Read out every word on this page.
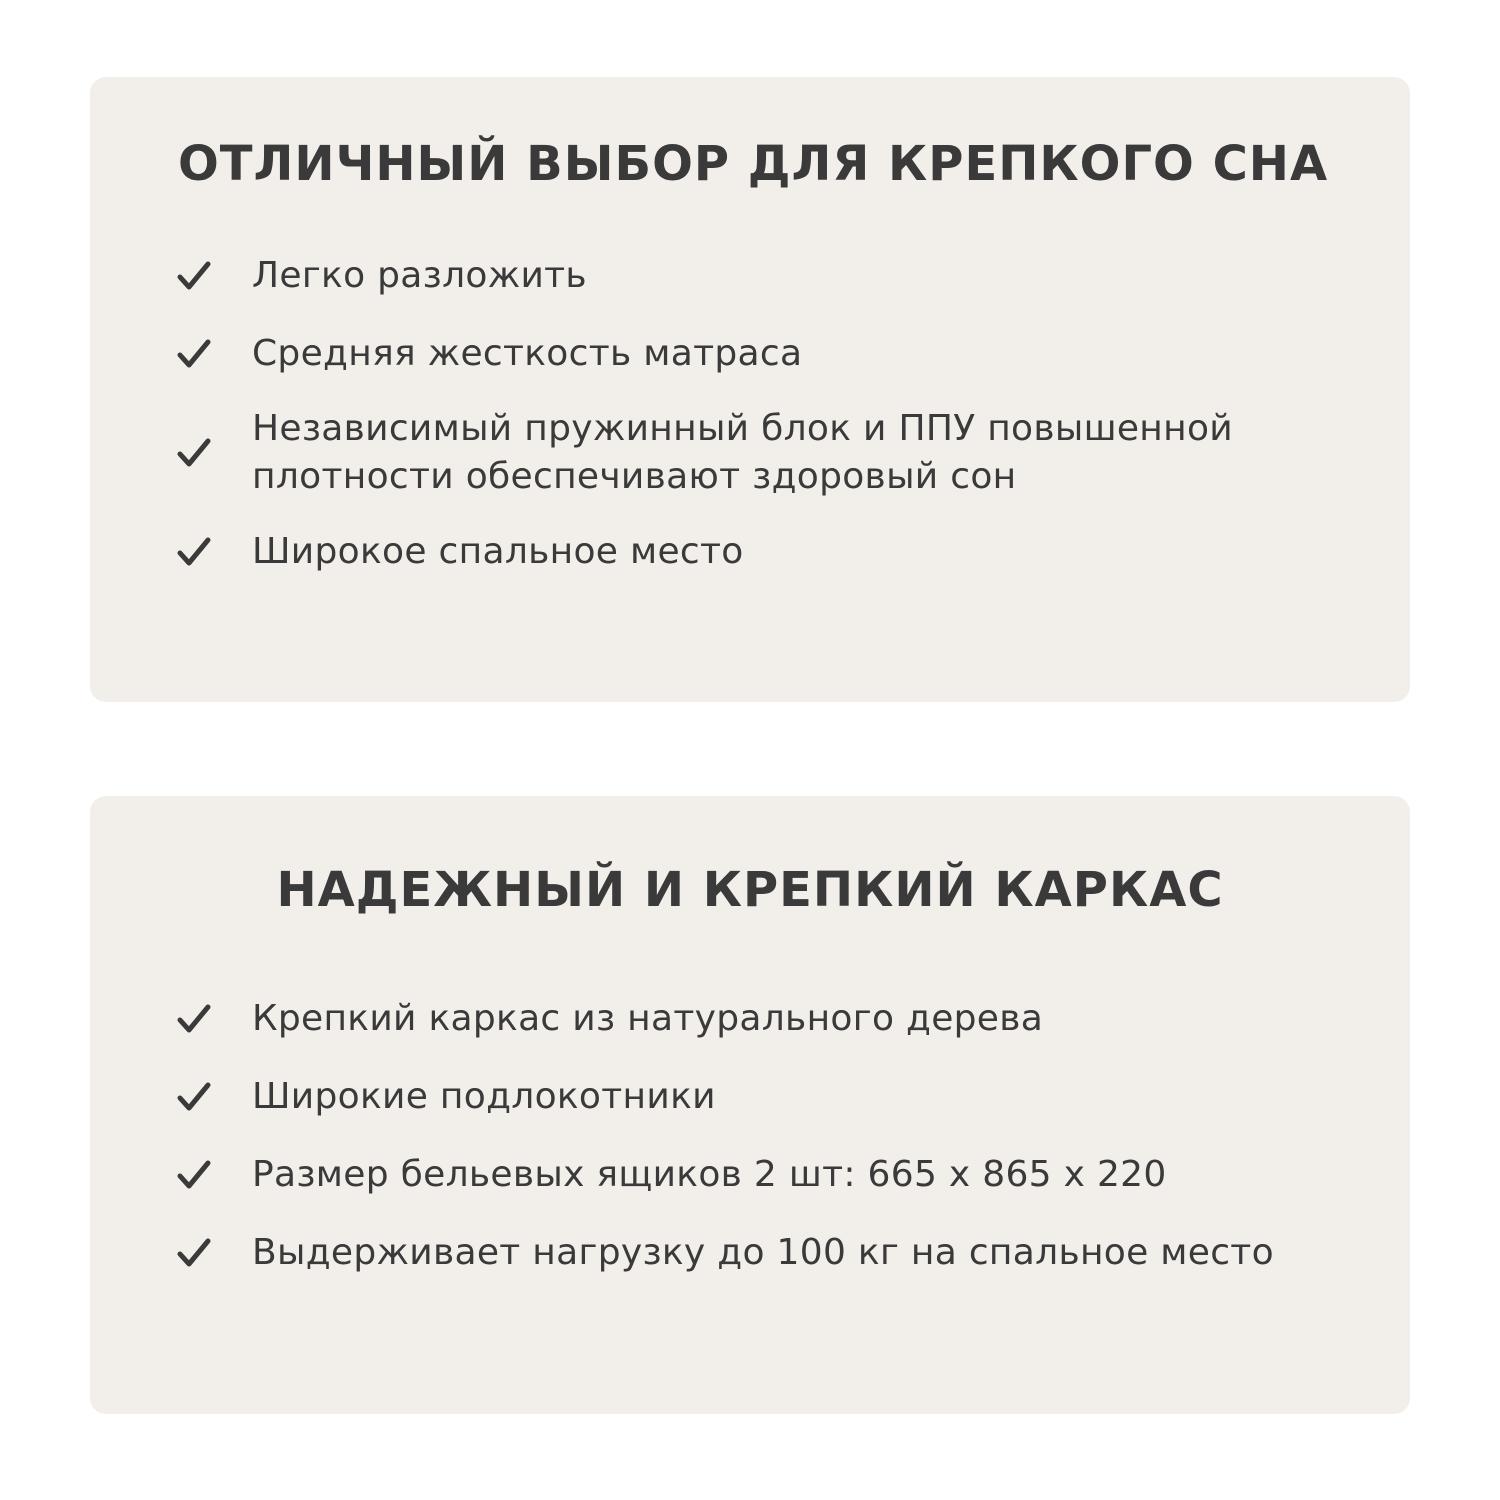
ОТЛИЧНЫЙ ВЫБОР ДЛЯ КРЕПКОГО СНА
Легко разложить
Средняя жесткость матраса
Независимый пружинный блок и ППУ повышенной плотности обеспечивают здоровый сон
Широкое спальное место
НАДЕЖНЫЙ И КРЕПКИЙ КАРКАС
Крепкий каркас из натурального дерева
Широкие подлокотники
Размер бельевых ящиков 2 шт: 665 х 865 х 220
Выдерживает нагрузку до 100 кг на спальное место
